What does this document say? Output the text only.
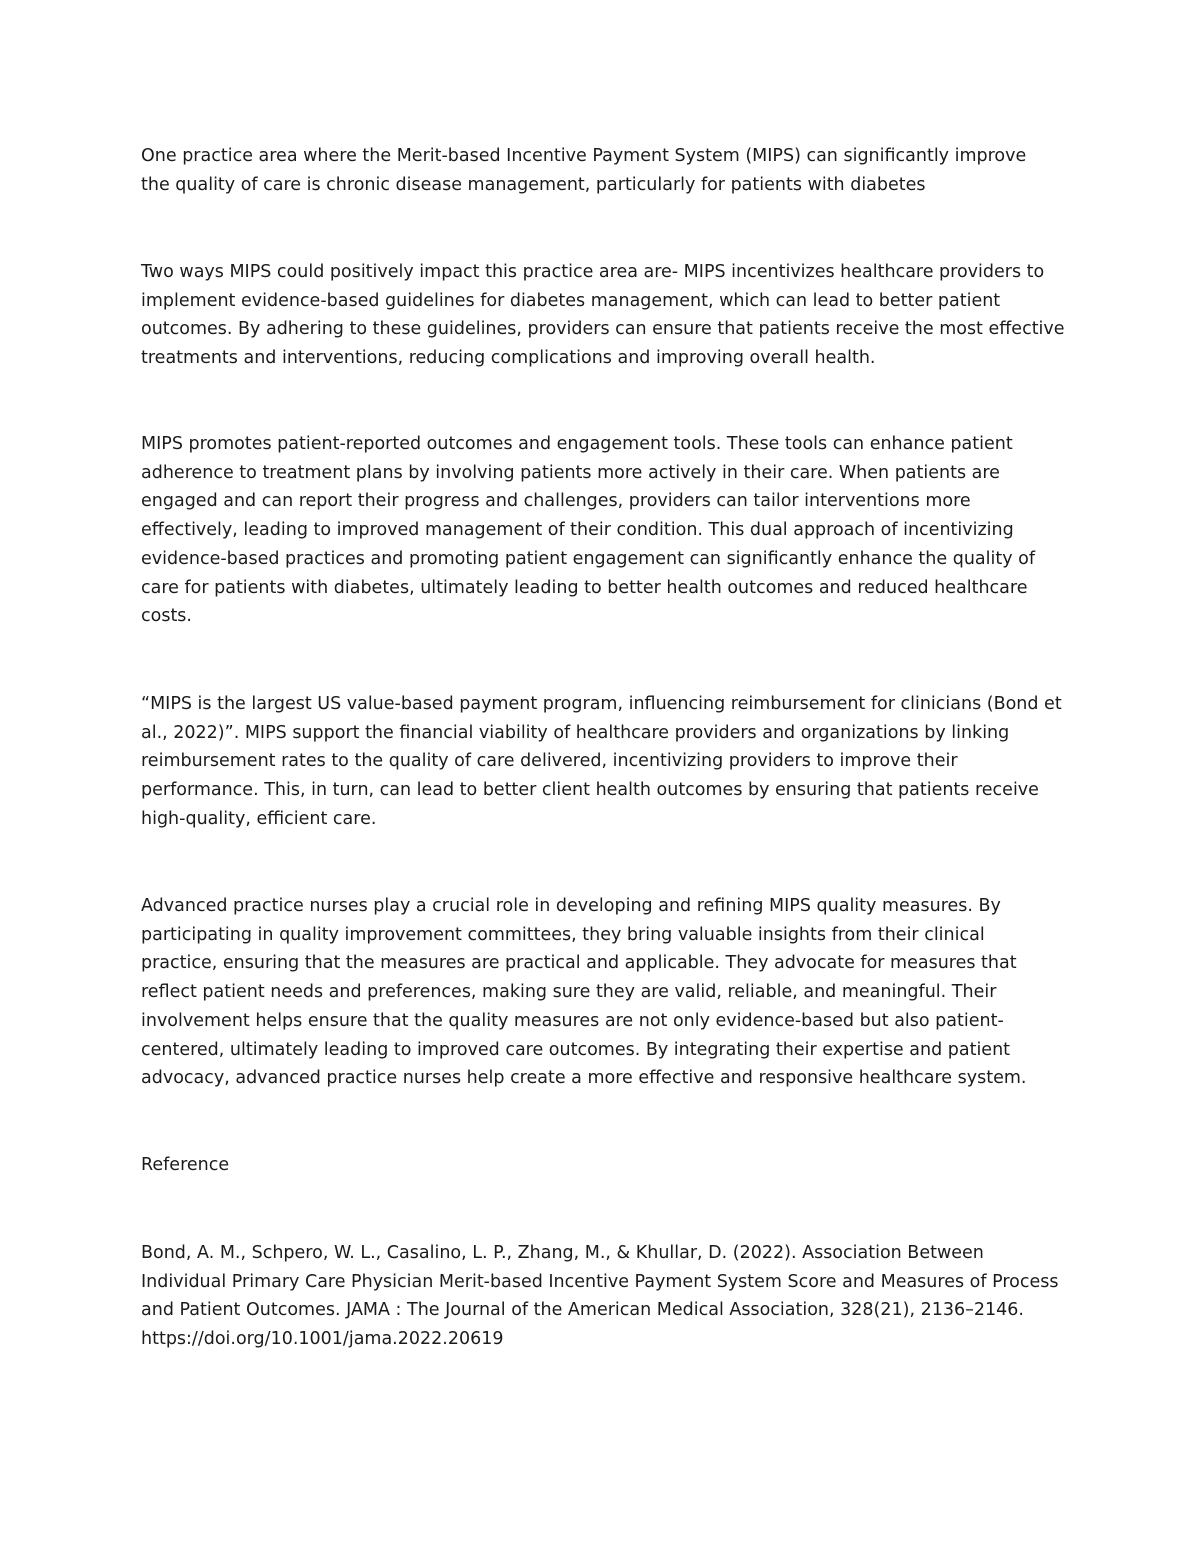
One practice area where the Merit-based Incentive Payment System (MIPS) can significantly improve
the quality of care is chronic disease management, particularly for patients with diabetes

Two ways MIPS could positively impact this practice area are- MIPS incentivizes healthcare providers to
implement evidence-based guidelines for diabetes management, which can lead to better patient
outcomes. By adhering to these guidelines, providers can ensure that patients receive the most effective
treatments and interventions, reducing complications and improving overall health.

MIPS promotes patient-reported outcomes and engagement tools. These tools can enhance patient
adherence to treatment plans by involving patients more actively in their care. When patients are
engaged and can report their progress and challenges, providers can tailor interventions more
effectively, leading to improved management of their condition. This dual approach of incentivizing
evidence-based practices and promoting patient engagement can significantly enhance the quality of
care for patients with diabetes, ultimately leading to better health outcomes and reduced healthcare
costs.

“MIPS is the largest US value-based payment program, influencing reimbursement for clinicians (Bond et
al., 2022)”. MIPS support the financial viability of healthcare providers and organizations by linking
reimbursement rates to the quality of care delivered, incentivizing providers to improve their
performance. This, in turn, can lead to better client health outcomes by ensuring that patients receive
high-quality, efficient care.

Advanced practice nurses play a crucial role in developing and refining MIPS quality measures. By
participating in quality improvement committees, they bring valuable insights from their clinical
practice, ensuring that the measures are practical and applicable. They advocate for measures that
reflect patient needs and preferences, making sure they are valid, reliable, and meaningful. Their
involvement helps ensure that the quality measures are not only evidence-based but also patient-
centered, ultimately leading to improved care outcomes. By integrating their expertise and patient
advocacy, advanced practice nurses help create a more effective and responsive healthcare system.

Reference

Bond, A. M., Schpero, W. L., Casalino, L. P., Zhang, M., & Khullar, D. (2022). Association Between
Individual Primary Care Physician Merit-based Incentive Payment System Score and Measures of Process
and Patient Outcomes. JAMA : The Journal of the American Medical Association, 328(21), 2136–2146.
https://doi.org/10.1001/jama.2022.20619
